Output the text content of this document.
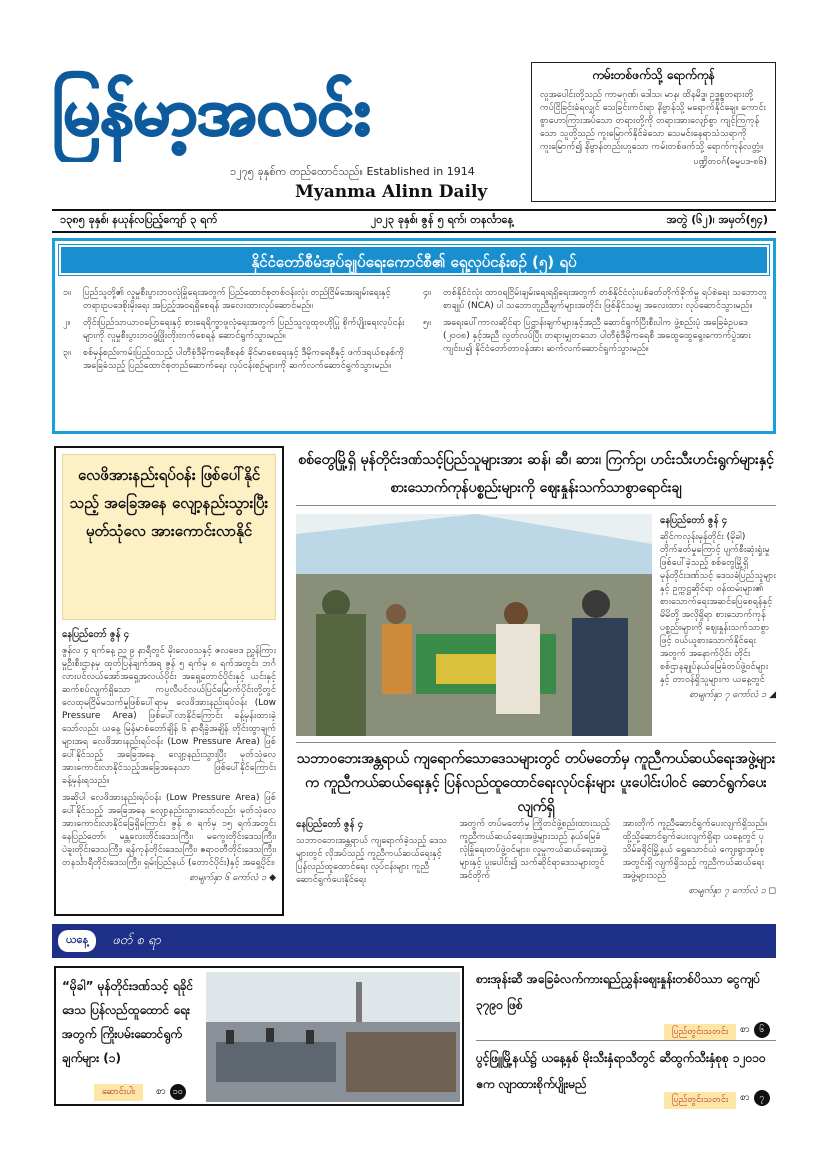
မြန်မာ့အလင်း
၁၂၇၅ ခုနှစ်က တည်ထောင်သည်။ Established in 1914
Myanma Alinn Daily
ကမ်းတစ်ဖက်သို့ ရောက်ကုန်

လူအပေါင်းတို့သည် ကာမဂုဏ်၊ ဒေါသ၊ မာန၊ ထိနမိဒ္ဓ၊ ဥဒ္ဓစ္စတရားတို့ကပ်ငြိခြင်းခံရလျှင် သေခြင်းကင်းရာ နိဗ္ဗာန်သို့ မရောက်နိုင်ချေ။ ကောင်းစွာဟောကြားအပ်သော တရားတို့ကို တရားအားလျော်စွာ ကျင့်ကြကုန်သော သူတို့သည် ကူးမြောက်နိုင်ခဲသော သေမင်းနေရာသံသရာကို ကူးမြောက်၍ နိဗ္ဗာန်တည်းဟူသော ကမ်းတစ်ဖက်သို့ ရောက်ကုန်လတ္တံ့။

ပဏ္ဍိတဝဂ်(ဓမ္မပဒ-၈၆)

၁၃၈၅ ခုနှစ်၊ နယုန်လပြည့်ကျော် ၃ ရက်	၂၀၂၃ ခုနှစ်၊ ဇွန် ၅ ရက်၊ တနင်္လာနေ့	အတွဲ (၆၂)၊ အမှတ်(၅၄)
နိုင်ငံတော်စီမံအုပ်ချုပ်ရေးကောင်စီ၏ ရှေ့လုပ်ငန်းစဉ် (၅) ရပ်
၁။	ပြည်သူတို့၏ လူမှုစီးပွားဘဝလုံခြုံရေးအတွက် ပြည်ထောင်စုတစ်ဝန်းလုံး တည်ငြိမ်အေးချမ်းရေးနှင့် တရားဥပဒေစိုးမိုးရေး အပြည့်အဝရရှိစေရန် အလေးထားလုပ်ဆောင်မည်။
၂။	တိုင်းပြည်သာယာဝပြောရေးနှင့် စားရေရိက္ခာဖူလုံရေးအတွက် ပြည်သူလူထုဗဟိုပြု စိုက်ပျိုးရေးလုပ်ငန်းများကို လူမှုစီးပွားဘဝဖွံ့ဖြိုးတိုးတက်စေရန် ဆောင်ရွက်သွားမည်။
၃။	စစ်မှန်စည်းကမ်းပြည့်ဝသည့် ပါတီစုံဒီမိုကရေစီစနစ် ခိုင်မာစေရေးနှင့် ဒီမိုကရေစီနှင့် ဖက်ဒရယ်စနစ်ကို အခြေခံသည့် ပြည်ထောင်စုတည်ဆောက်ရေး လုပ်ငန်းစဉ်များကို ဆက်လက်ဆောင်ရွက်သွားမည်။
၄။	တစ်နိုင်ငံလုံး ထာဝရငြိမ်းချမ်းရေးရရှိရေးအတွက် တစ်နိုင်ငံလုံးပစ်ခတ်တိုက်ခိုက်မှု ရပ်စဲရေး သဘောတူစာချုပ် (NCA) ပါ သဘောတူညီချက်များအတိုင်း ဖြစ်နိုင်သမျှ အလေးထား လုပ်ဆောင်သွားမည်။
၅။	အရေးပေါ်ကာလဆိုင်ရာ ပြဋ္ဌာန်းချက်များနှင့်အညီ ဆောင်ရွက်ပြီးစီးပါက ဖွဲ့စည်းပုံ အခြေခံဥပဒေ (၂၀၀၈) နှင့်အညီ လွတ်လပ်ပြီး တရားမျှတသော ပါတီစုံဒီမိုကရေစီ အထွေထွေရွေးကောက်ပွဲအား ကျင်းပ၍ နိုင်ငံတော်တာဝန်အား ဆက်လက်ဆောင်ရွက်သွားမည်။
လေဖိအားနည်းရပ်ဝန်း ဖြစ်ပေါ်နိုင်သည့် အခြေအနေ လျော့နည်းသွားပြီး မုတ်သုံလေ အားကောင်းလာနိုင်
နေပြည်တော် ဇွန် ၄

ဇွန်လ ၄ ရက်နေ့ ည ၉ နာရီတွင် မိုးလေဝသနှင့် ဇလဗေဒ ညွှန်ကြားမှုဦးစီးဌာနမှ ထုတ်ပြန်ချက်အရ ဇွန် ၅ ရက်မှ ၈ ရက်အတွင်း ဘင်္ဂလားပင်လယ်အော်အရှေ့အလယ်ပိုင်း အရှေ့တောင်ပိုင်းနှင့် ယင်းနှင့်ဆက်စပ်လျက်ရှိသော ကပ္ပလီပင်လယ်ပြင်မြောက်ပိုင်းတို့တွင် လေထုမငြိမ်မသက်မှုဖြစ်ပေါ်ရာမှ လေဖိအားနည်းရပ်ဝန်း (Low Pressure Area) ဖြစ်ပေါ်လာနိုင်ကြောင်း ခန့်မှန်းထားခဲ့သော်လည်း ယနေ့ မြန်မာစံတော်ချိန် ၆ နာရီခွဲအချိန် တိုင်းထွာချက်များအရ လေဖိအားနည်းရပ်ဝန်း (Low Pressure Area) ဖြစ်ပေါ်နိုင်သည့် အခြေအနေ လျော့နည်းသွားပြီး မုတ်သုံလေ အားကောင်းလာနိုင်သည့်အခြေအနေသာ ဖြစ်ပေါ်နိုင်ကြောင်း ခန့်မှန်းရသည်။

အဆိုပါ လေဖိအားနည်းရပ်ဝန်း (Low Pressure Area) ဖြစ်ပေါ်နိုင်သည့် အခြေအနေ လျော့နည်းသွားသော်လည်း မုတ်သုံလေ အားကောင်းလာနိုင်ခြေရှိကြောင်း ဇွန် ၈ ရက်မှ ၁၅ ရက်အတွင်း နေပြည်တော်၊ မန္တလေးတိုင်းဒေသကြီး၊ မကွေးတိုင်းဒေသကြီး၊ ပဲခူးတိုင်းဒေသကြီး၊ ရန်ကုန်တိုင်းဒေသကြီး၊ ဧရာဝတီတိုင်းဒေသကြီး၊ တနင်္သာရီတိုင်းဒေသကြီး၊ ရှမ်းပြည်နယ် (တောင်ပိုင်း)နှင့် အရှေ့ပိုင်း၊

စာမျက်နှာ ၆ ကော်လံ ၁ ◆
စစ်တွေမြို့ရှိ မုန်တိုင်းဒဏ်သင့်ပြည်သူများအား ဆန်၊ ဆီ၊ ဆား၊ ကြက်ဥ၊ ဟင်းသီးဟင်းရွက်များနှင့် စားသောက်ကုန်ပစ္စည်းများကို ဈေးနှုန်းသက်သာစွာရောင်းချ
နေပြည်တော် ဇွန် ၄

ဆိုင်ကလုန်းမုန်တိုင်း (မိုခါ) တိုက်ခတ်မှုကြောင့် ပျက်စီးဆုံးရှုံးမှုဖြစ်ပေါ်ခဲ့သည့် စစ်တွေမြို့ရှိ မုန်တိုင်းဒဏ်သင့် ဒေသခံပြည်သူများနှင့် ဥက္ကဋ္ဌဆိုင်ရာ ဝန်ထမ်းများ၏ စားသောက်ရေးအဆင်ပြေစေရန်နှင့် မိမိတို့ အလိုရှိရာ စားသောက်ကုန် ပစ္စည်းများကို ဈေးနှုန်းသက်သာစွာဖြင့် ဝယ်ယူစားသောက်နိုင်ရေး အတွက် အနောက်ပိုင်း တိုင်းစစ်ဌာနချုပ်နယ်မြေခံတပ်ဖွဲ့ဝင်များနှင့် တာဝန်ရှိသူများက ယနေ့တွင်

စာမျက်နှာ ၇ ကော်လံ ၁ ◢
သဘာဝဘေးအန္တရာယ် ကျရောက်သောဒေသများတွင် တပ်မတော်မှ ကူညီကယ်ဆယ်ရေးအဖွဲ့များက ကူညီကယ်ဆယ်ရေးနှင့် ပြန်လည်ထူထောင်ရေးလုပ်ငန်းများ ပူးပေါင်းပါဝင် ဆောင်ရွက်ပေးလျက်ရှိ
နေပြည်တော် ဇွန် ၄

သဘာဝဘေးအန္တရာယ် ကျရောက်ခဲ့သည့် ဒေသများတွင် လိုအပ်သည့် ကူညီကယ်ဆယ်ရေးနှင့် ပြန်လည်ထူထောင်ရေး လုပ်ငန်းများ ကူညီဆောင်ရွက်ပေးနိုင်ရေး

အတွက် တပ်မတော်မှ ကြိုတင်ဖွဲ့စည်းထားသည့် ကူညီကယ်ဆယ်ရေးအဖွဲ့များသည် နယ်မြေခံ လုံခြုံရေးတပ်ဖွဲ့ဝင်များ၊ လူမှုကယ်ဆယ်ရေးအဖွဲ့များနှင့် ပူးပေါင်း၍ သက်ဆိုင်ရာဒေသများတွင် အင်တိုက်

အားတိုက် ကူညီဆောင်ရွက်ပေးလျက်ရှိသည်။ ထို့သို့ဆောင်ရွက်ပေးလျက်ရှိရာ ယနေ့တွင် ပုသိမ်ခရိုင်မြို့နယ် ရွှေသောင်ယံ ကျေးရွာအုပ်စုအတွင်းရှိ လျက်ရှိသည့် ကူညီကယ်ဆယ်ရေးအဖွဲ့များသည်

စာမျက်နှာ ၇ ကော်လံ ၁ ◻
ယနေ့	ဖတ် စ ရာ
“မိုခါ” မုန်တိုင်းဒဏ်သင့် ရခိုင်ဒေသ ပြန်လည်ထူထောင် ရေးအတွက် ကြိုးပမ်းဆောင်ရွက် ချက်များ (၁)
ဆောင်းပါး	စာ ၁၀
စားအုန်းဆီ အခြေခံလက်ကားရည်ညွှန်းဈေးနှုန်းတစ်ပိဿာ ငွေကျပ် ၃၇၉၀ ဖြစ်
ပြည်တွင်းသတင်း	စာ ၆
ပွင့်ဖြူမြို့နယ်၌ ယနေ့နှစ် မိုးသီးနှံရာသီတွင် ဆီထွက်သီးနှံစုစု ၁၂၀၁၀ ဧက လျာထားစိုက်ပျိုးမည်
ပြည်တွင်းသတင်း	စာ ၇
